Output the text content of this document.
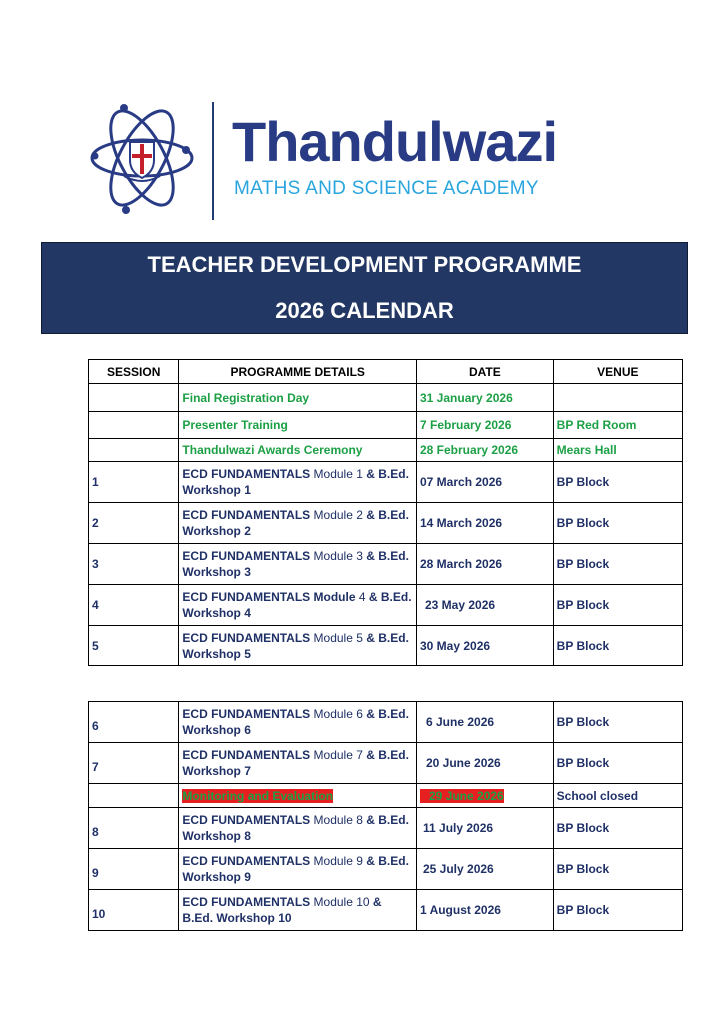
Thandulwazi
MATHS AND SCIENCE ACADEMY
TEACHER DEVELOPMENT PROGRAMME
2026 CALENDAR
SESSION	PROGRAMME DETAILS	DATE	VENUE
	Final Registration Day	31 January 2026	
	Presenter Training	7 February 2026	BP Red Room
	Thandulwazi Awards Ceremony	28 February 2026	Mears Hall
1	ECD FUNDAMENTALS Module 1 & B.Ed. Workshop 1	07 March 2026	BP Block
2	ECD FUNDAMENTALS Module 2 & B.Ed. Workshop 2	14 March 2026	BP Block
3	ECD FUNDAMENTALS Module 3 & B.Ed. Workshop 3	28 March 2026	BP Block
4	ECD FUNDAMENTALS Module 4 & B.Ed. Workshop 4	23 May 2026	BP Block
5	ECD FUNDAMENTALS Module 5 & B.Ed. Workshop 5	30 May 2026	BP Block
6	ECD FUNDAMENTALS Module 6 & B.Ed. Workshop 6	6 June 2026	BP Block
7	ECD FUNDAMENTALS Module 7 & B.Ed. Workshop 7	20 June 2026	BP Block
	Monitoring and Evaluation	29 June 2026	School closed
8	ECD FUNDAMENTALS Module 8 & B.Ed. Workshop 8	11 July 2026	BP Block
9	ECD FUNDAMENTALS Module 9 & B.Ed. Workshop 9	25 July 2026	BP Block
10	ECD FUNDAMENTALS Module 10 & B.Ed. Workshop 10	1 August 2026	BP Block
